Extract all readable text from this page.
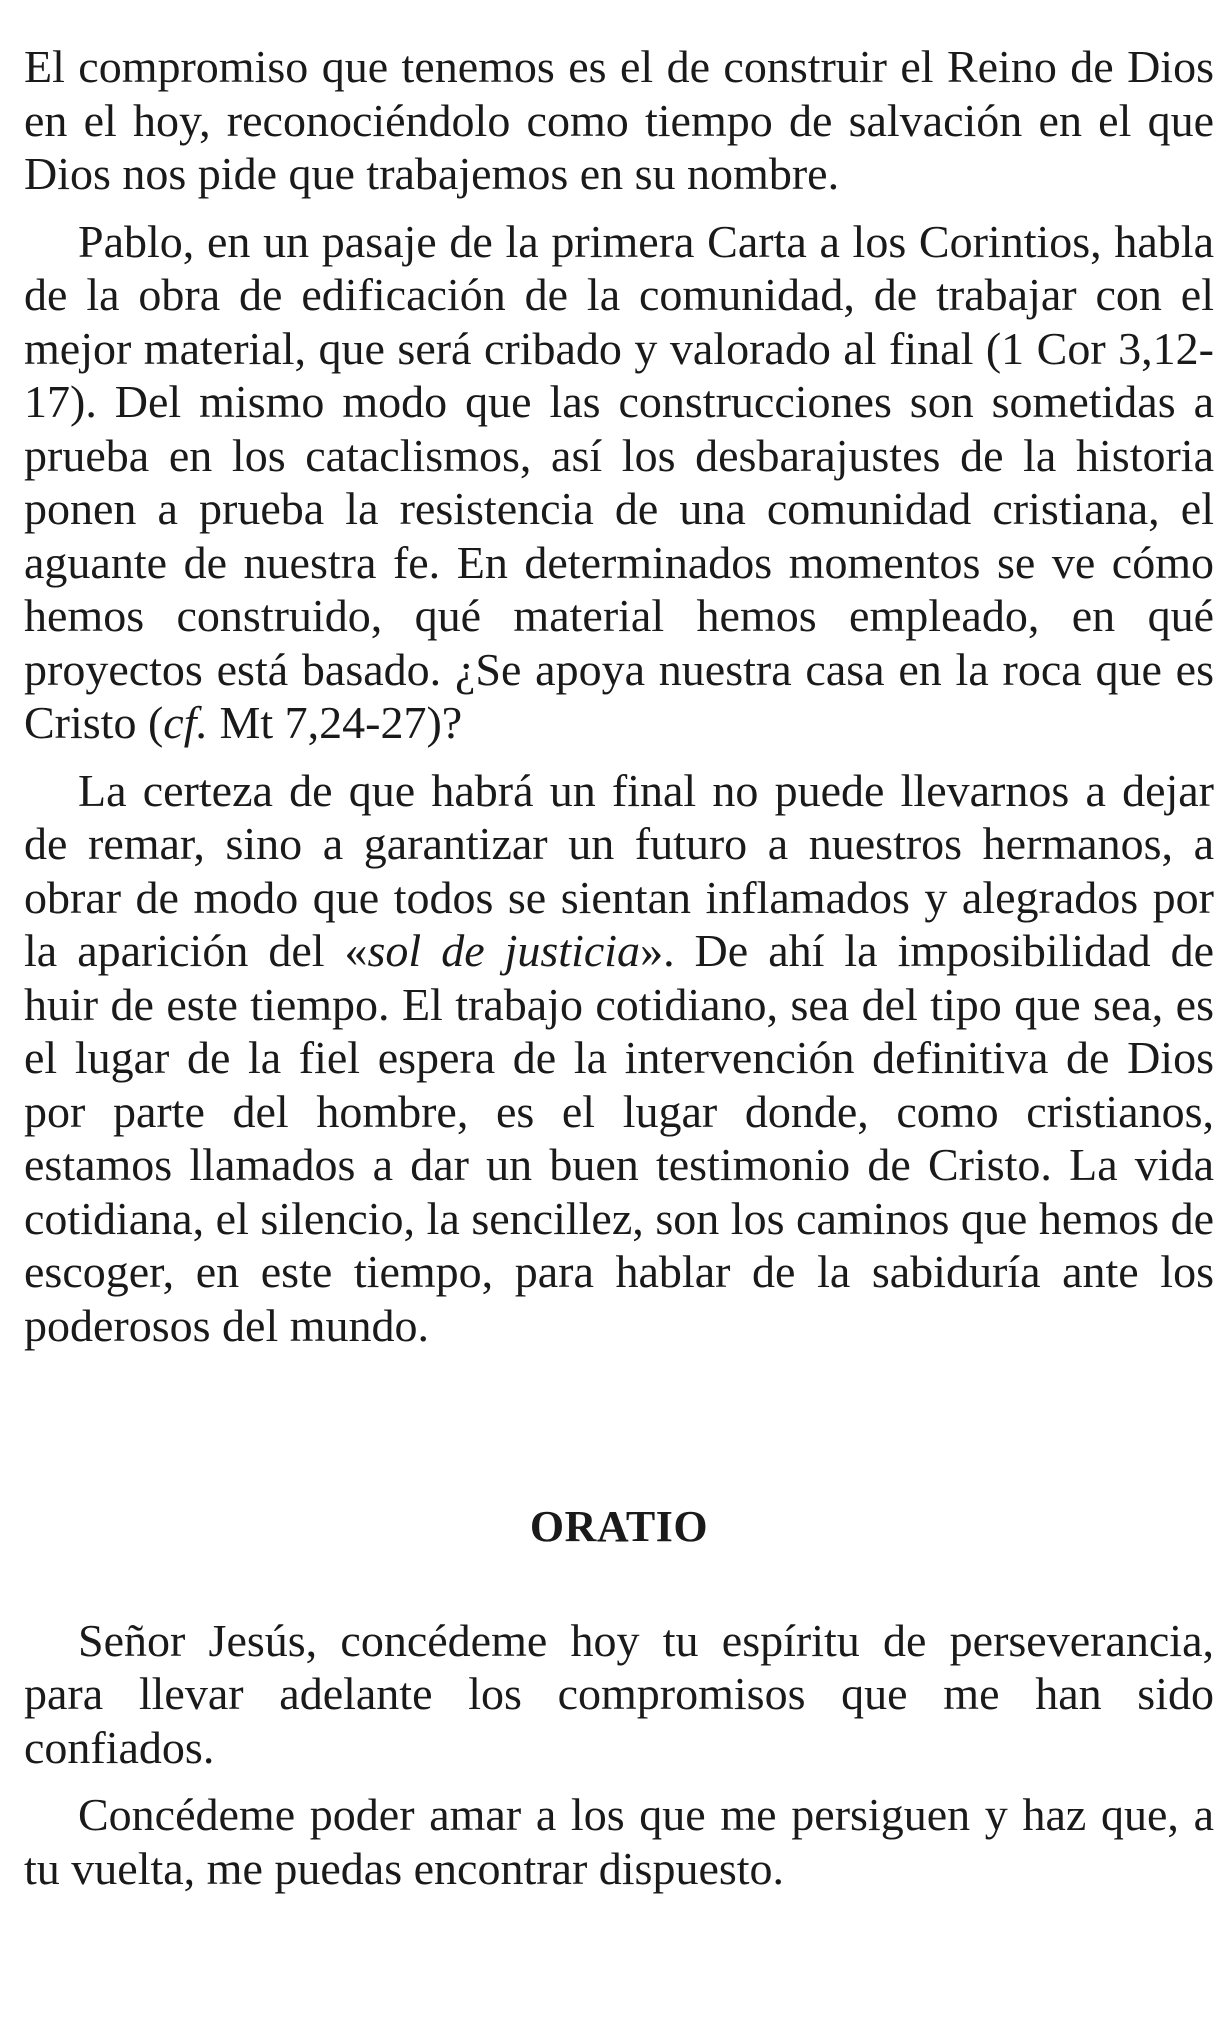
El compromiso que tenemos es el de construir el Reino de Dios en el hoy, reconociéndolo como tiempo de salvación en el que Dios nos pide que trabajemos en su nombre.

Pablo, en un pasaje de la primera Carta a los Corintios, habla de la obra de edificación de la comunidad, de trabajar con el mejor material, que será cribado y valorado al final (1 Cor 3,12-17). Del mismo modo que las construcciones son sometidas a prueba en los cataclismos, así los desbarajustes de la historia ponen a prueba la resistencia de una comunidad cristiana, el aguante de nuestra fe. En determinados momentos se ve cómo hemos construido, qué material hemos empleado, en qué proyectos está basado. ¿Se apoya nuestra casa en la roca que es Cristo (cf. Mt 7,24-27)?

La certeza de que habrá un final no puede llevarnos a dejar de remar, sino a garantizar un futuro a nuestros hermanos, a obrar de modo que todos se sientan inflamados y alegrados por la aparición del «sol de justicia». De ahí la imposibilidad de huir de este tiempo. El trabajo cotidiano, sea del tipo que sea, es el lugar de la fiel espera de la intervención definitiva de Dios por parte del hombre, es el lugar donde, como cristianos, estamos llamados a dar un buen testimonio de Cristo. La vida cotidiana, el silencio, la sencillez, son los caminos que hemos de escoger, en este tiempo, para hablar de la sabiduría ante los poderosos del mundo.

ORATIO

Señor Jesús, concédeme hoy tu espíritu de perseverancia, para llevar adelante los compromisos que me han sido confiados.

Concédeme poder amar a los que me persiguen y haz que, a tu vuelta, me puedas encontrar dispuesto.
